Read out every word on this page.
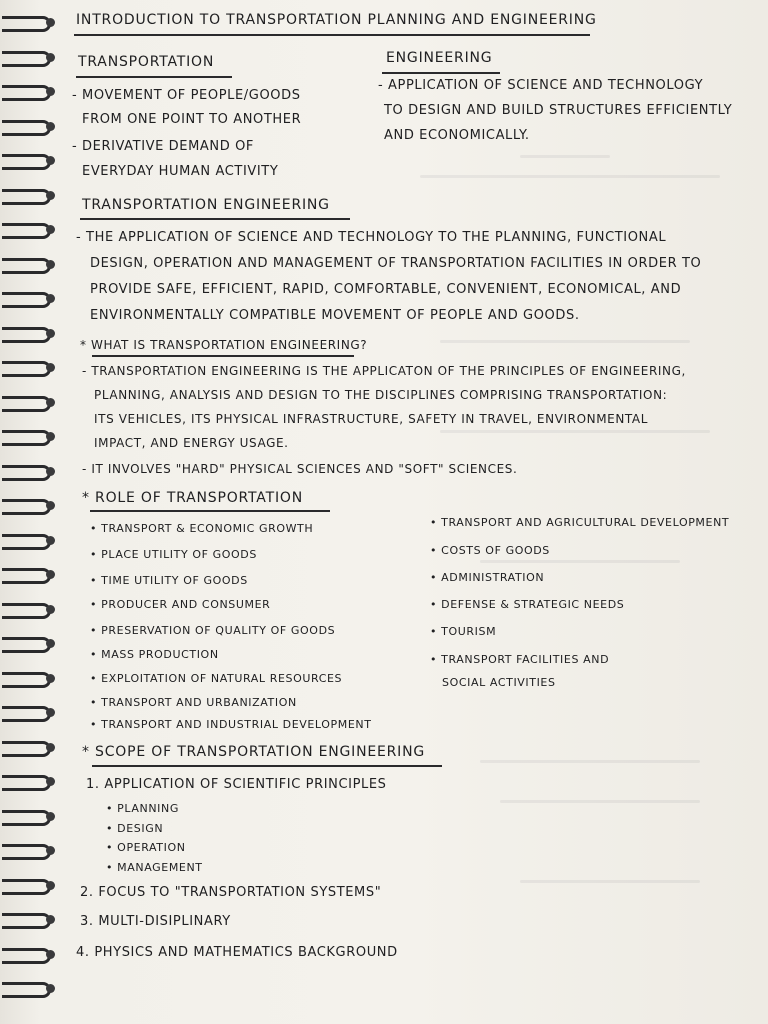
INTRODUCTION TO TRANSPORTATION PLANNING AND ENGINEERING
TRANSPORTATION
- MOVEMENT OF PEOPLE/GOODS
FROM ONE POINT TO ANOTHER
- DERIVATIVE DEMAND OF
EVERYDAY HUMAN ACTIVITY
ENGINEERING
- APPLICATION OF SCIENCE AND TECHNOLOGY
TO DESIGN AND BUILD STRUCTURES EFFICIENTLY
AND ECONOMICALLY.
TRANSPORTATION ENGINEERING
- THE APPLICATION OF SCIENCE AND TECHNOLOGY TO THE PLANNING, FUNCTIONAL
DESIGN, OPERATION AND MANAGEMENT OF TRANSPORTATION FACILITIES IN ORDER TO
PROVIDE SAFE, EFFICIENT, RAPID, COMFORTABLE, CONVENIENT, ECONOMICAL, AND
ENVIRONMENTALLY COMPATIBLE MOVEMENT OF PEOPLE AND GOODS.
* WHAT IS TRANSPORTATION ENGINEERING?
- TRANSPORTATION ENGINEERING IS THE APPLICATON OF THE PRINCIPLES OF ENGINEERING,
PLANNING, ANALYSIS AND DESIGN TO THE DISCIPLINES COMPRISING TRANSPORTATION:
ITS VEHICLES, ITS PHYSICAL INFRASTRUCTURE, SAFETY IN TRAVEL, ENVIRONMENTAL
IMPACT, AND ENERGY USAGE.
- IT INVOLVES "HARD" PHYSICAL SCIENCES AND "SOFT" SCIENCES.
* ROLE OF TRANSPORTATION
• TRANSPORT & ECONOMIC GROWTH
• PLACE UTILITY OF GOODS
• TIME UTILITY OF GOODS
• PRODUCER AND CONSUMER
• PRESERVATION OF QUALITY OF GOODS
• MASS PRODUCTION
• EXPLOITATION OF NATURAL RESOURCES
• TRANSPORT AND URBANIZATION
• TRANSPORT AND INDUSTRIAL DEVELOPMENT
• TRANSPORT AND AGRICULTURAL DEVELOPMENT
• COSTS OF GOODS
• ADMINISTRATION
• DEFENSE & STRATEGIC NEEDS
• TOURISM
• TRANSPORT FACILITIES AND
SOCIAL ACTIVITIES
* SCOPE OF TRANSPORTATION ENGINEERING
1. APPLICATION OF SCIENTIFIC PRINCIPLES
• PLANNING
• DESIGN
• OPERATION
• MANAGEMENT
2. FOCUS TO "TRANSPORTATION SYSTEMS"
3. MULTI-DISIPLINARY
4. PHYSICS AND MATHEMATICS BACKGROUND
